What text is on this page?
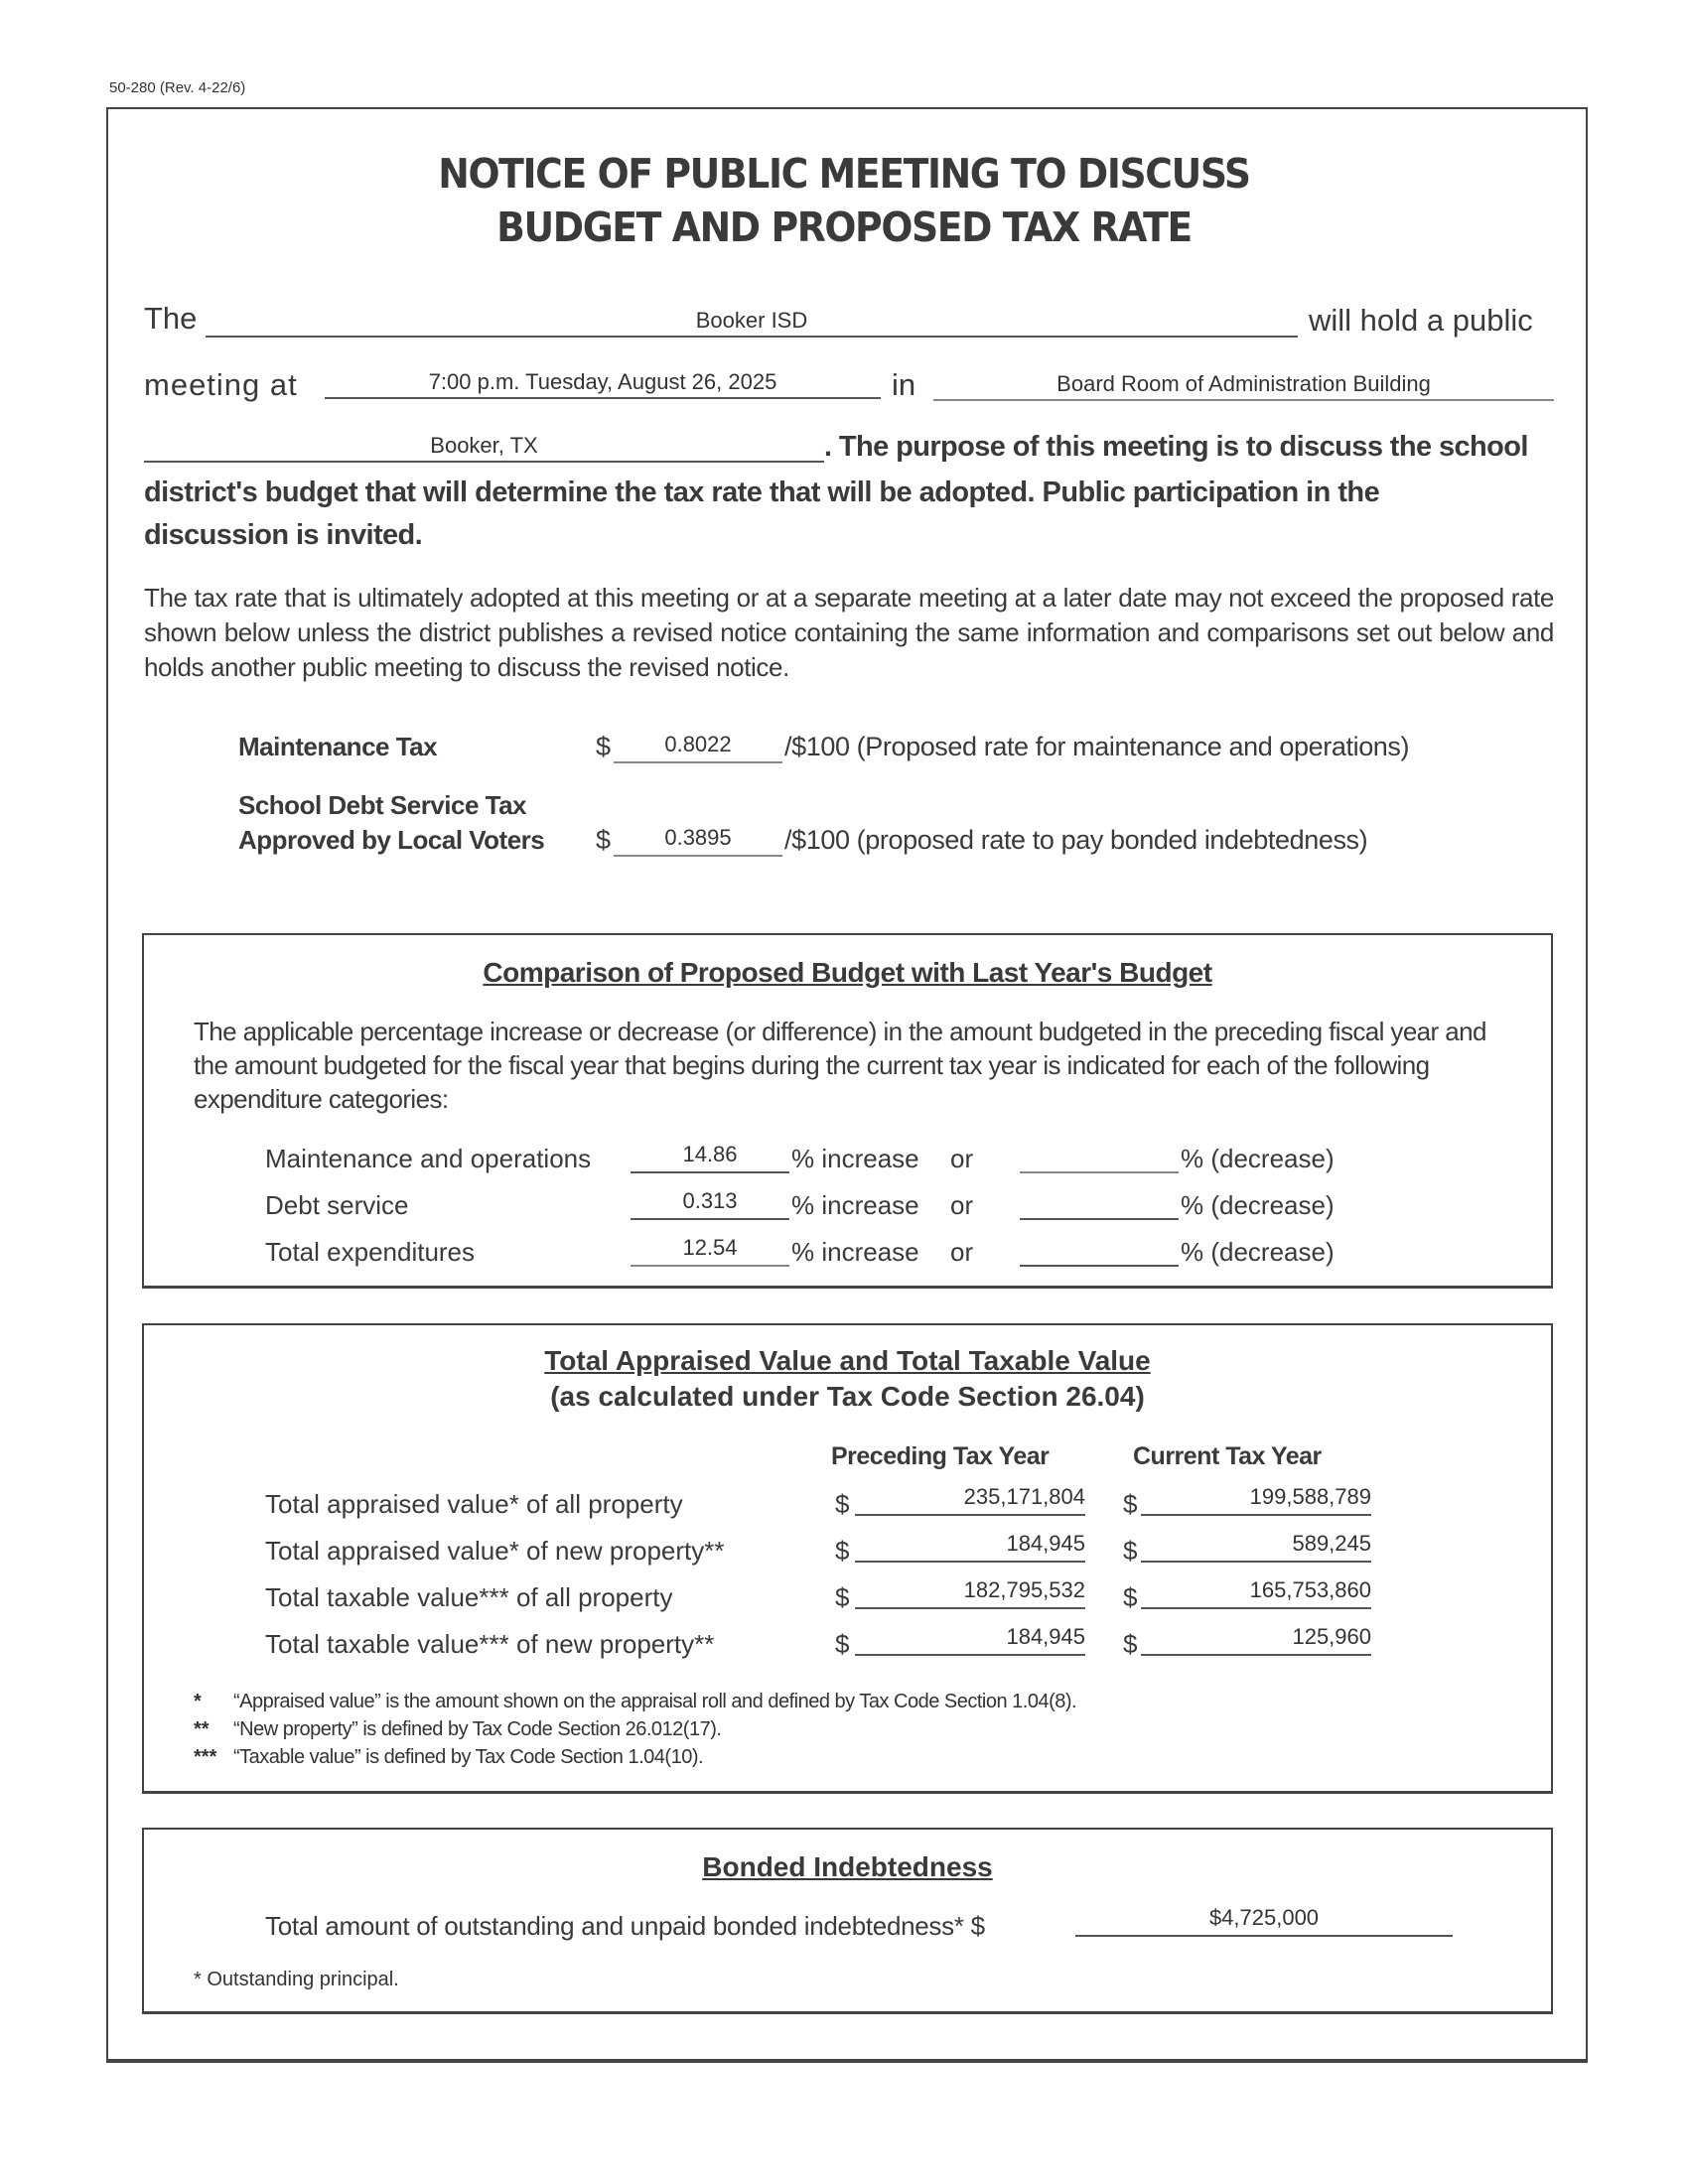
50-280 (Rev. 4-22/6)
NOTICE OF PUBLIC MEETING TO DISCUSS
BUDGET AND PROPOSED TAX RATE
The	Booker ISD	will hold a public
meeting at	7:00 p.m. Tuesday, August 26, 2025	in	Board Room of Administration Building
Booker, TX	. The purpose of this meeting is to discuss the school
district's budget that will determine the tax rate that will be adopted. Public participation in the
discussion is invited.
The tax rate that is ultimately adopted at this meeting or at a separate meeting at a later date may not exceed the proposed rate shown below unless the district publishes a revised notice containing the same information and comparisons set out below and holds another public meeting to discuss the revised notice.
Maintenance Tax	$	0.8022	/$100 (Proposed rate for maintenance and operations)
School Debt Service Tax
Approved by Local Voters $	0.3895	/$100 (proposed rate to pay bonded indebtedness)
Comparison of Proposed Budget with Last Year's Budget
The applicable percentage increase or decrease (or difference) in the amount budgeted in the preceding fiscal year and the amount budgeted for the fiscal year that begins during the current tax year is indicated for each of the following expenditure categories:
Maintenance and operations	14.86	% increase or	% (decrease)
Debt service	0.313	% increase or	% (decrease)
Total expenditures	12.54	% increase or	% (decrease)
Total Appraised Value and Total Taxable Value
(as calculated under Tax Code Section 26.04)
Preceding Tax Year	Current Tax Year
Total appraised value* of all property	$	235,171,804 $	199,588,789
Total appraised value* of new property**	$	184,945 $	589,245
Total taxable value*** of all property	$	182,795,532 $	165,753,860
Total taxable value*** of new property**	$	184,945 $	125,960
* “Appraised value” is the amount shown on the appraisal roll and defined by Tax Code Section 1.04(8).
** “New property” is defined by Tax Code Section 26.012(17).
*** “Taxable value” is defined by Tax Code Section 1.04(10).
Bonded Indebtedness
Total amount of outstanding and unpaid bonded indebtedness* $	$4,725,000
* Outstanding principal.
